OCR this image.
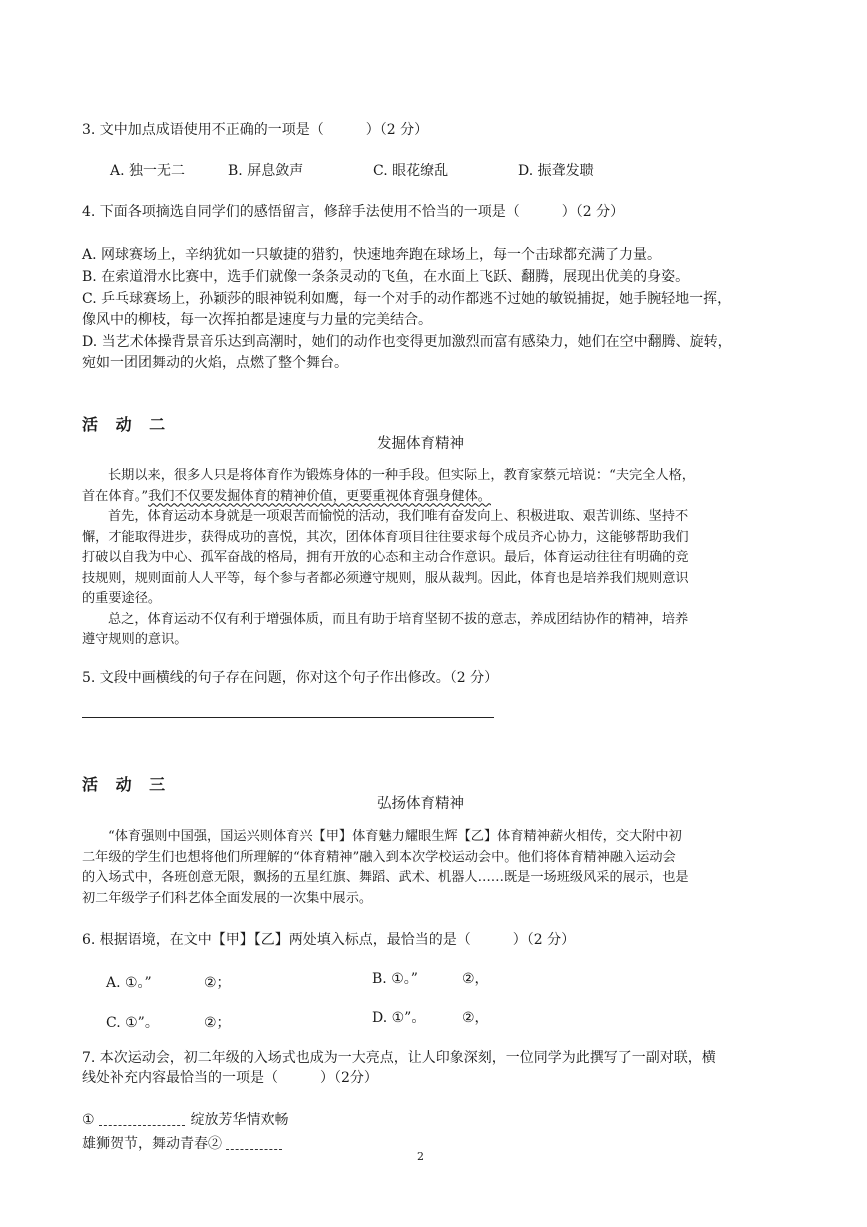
3. 文中加点成语使用不正确的一项是（　　　）（2 分）
A. 独一无二	B. 屏息敛声	C. 眼花缭乱	D. 振聋发聩
4. 下面各项摘选自同学们的感悟留言，修辞手法使用不恰当的一项是（　　　）（2 分）
A. 网球赛场上，辛纳犹如一只敏捷的猎豹，快速地奔跑在球场上，每一个击球都充满了力量。
B. 在索道滑水比赛中，选手们就像一条条灵动的飞鱼，在水面上飞跃、翻腾，展现出优美的身姿。
C. 乒乓球赛场上，孙颖莎的眼神锐利如鹰，每一个对手的动作都逃不过她的敏锐捕捉，她手腕轻地一挥，
像风中的柳枝，每一次挥拍都是速度与力量的完美结合。
D. 当艺术体操背景音乐达到高潮时，她们的动作也变得更加激烈而富有感染力，她们在空中翻腾、旋转，
宛如一团团舞动的火焰，点燃了整个舞台。
活 动 二
发掘体育精神
长期以来，很多人只是将体育作为锻炼身体的一种手段。但实际上，教育家蔡元培说：“夫完全人格，
首在体育。”我们不仅要发掘体育的精神价值，更要重视体育强身健体。
首先，体育运动本身就是一项艰苦而愉悦的活动，我们唯有奋发向上、积极进取、艰苦训练、坚持不
懈，才能取得进步，获得成功的喜悦，其次，团体体育项目往往要求每个成员齐心协力，这能够帮助我们
打破以自我为中心、孤军奋战的格局，拥有开放的心态和主动合作意识。最后，体育运动往往有明确的竞
技规则，规则面前人人平等，每个参与者都必须遵守规则，服从裁判。因此，体育也是培养我们规则意识
的重要途径。
总之，体育运动不仅有利于增强体质，而且有助于培育坚韧不拔的意志，养成团结协作的精神，培养
遵守规则的意识。
5. 文段中画横线的句子存在问题，你对这个句子作出修改。（2 分）
活 动 三
弘扬体育精神
“体育强则中国强，国运兴则体育兴【甲】体育魅力耀眼生辉【乙】体育精神薪火相传，交大附中初
二年级的学生们也想将他们所理解的“体育精神”融入到本次学校运动会中。他们将体育精神融入运动会
的入场式中，各班创意无限，飘扬的五星红旗、舞蹈、武术、机器人……既是一场班级风采的展示，也是
初二年级学子们科艺体全面发展的一次集中展示。
6. 根据语境，在文中【甲】【乙】两处填入标点，最恰当的是（　　　）（2 分）
A. ①。”	②；	B. ①。”	②，
C. ①”。	②；	D. ①”。	②，
7. 本次运动会，初二年级的入场式也成为一大亮点，让人印象深刻，一位同学为此撰写了一副对联，横
线处补充内容最恰当的一项是（　　　）（2分）
①	绽放芳华情欢畅
雄狮贺节，舞动青春②
2
